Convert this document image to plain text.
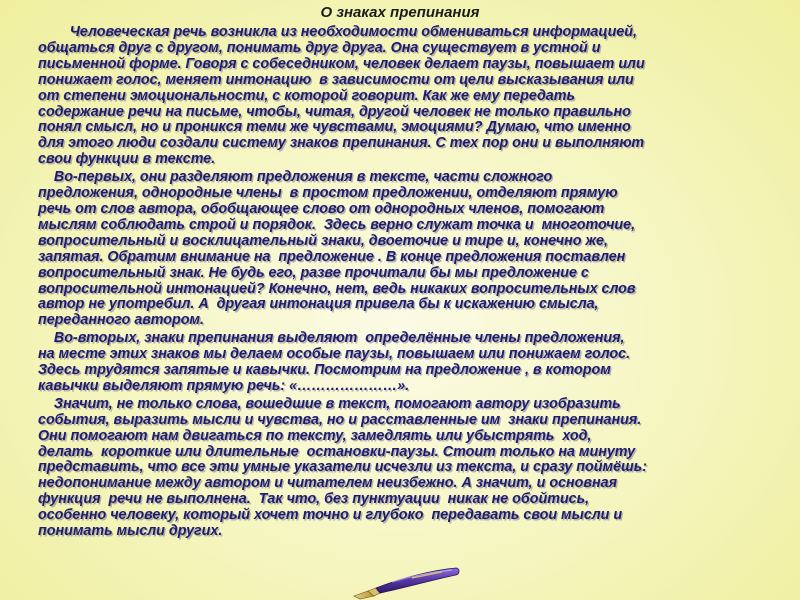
О знаках препинания

Человеческая речь возникла из необходимости обмениваться информацией,
общаться друг с другом, понимать друг друга. Она существует в устной и
письменной форме. Говоря с собеседником, человек делает паузы, повышает или
понижает голос, меняет интонацию  в зависимости от цели высказывания или
от степени эмоциональности, с которой говорит. Как же ему передать
содержание речи на письме, чтобы, читая, другой человек не только правильно
понял смысл, но и проникся теми же чувствами, эмоциями? Думаю, что именно
для этого люди создали систему знаков препинания. С тех пор они и выполняют
свои функции в тексте.

Во-первых, они разделяют предложения в тексте, части сложного
предложения, однородные члены  в простом предложении, отделяют прямую
речь от слов автора, обобщающее слово от однородных членов, помогают
мыслям соблюдать строй и порядок.  Здесь верно служат точка и  многоточие,
вопросительный и восклицательный знаки, двоеточие и тире и, конечно же,
запятая. Обратим внимание на  предложение . В конце предложения поставлен
вопросительный знак. Не будь его, разве прочитали бы мы предложение с
вопросительной интонацией? Конечно, нет, ведь никаких вопросительных слов
автор не употребил. А  другая интонация привела бы к искажению смысла,
переданного автором.

Во-вторых, знаки препинания выделяют  определённые члены предложения,
на месте этих знаков мы делаем особые паузы, повышаем или понижаем голос.
Здесь трудятся запятые и кавычки. Посмотрим на предложение , в котором
кавычки выделяют прямую речь: «…………………».

Значит, не только слова, вошедшие в текст, помогают автору изобразить
события, выразить мысли и чувства, но и расставленные им  знаки препинания.
Они помогают нам двигаться по тексту, замедлять или убыстрять  ход,
делать  короткие или длительные  остановки-паузы. Стоит только на минуту
представить, что все эти умные указатели исчезли из текста, и сразу поймёшь:
недопонимание между автором и читателем неизбежно. А значит, и основная
функция  речи не выполнена.  Так что, без пунктуации  никак не обойтись,
особенно человеку, который хочет точно и глубоко  передавать свои мысли и
понимать мысли других.
